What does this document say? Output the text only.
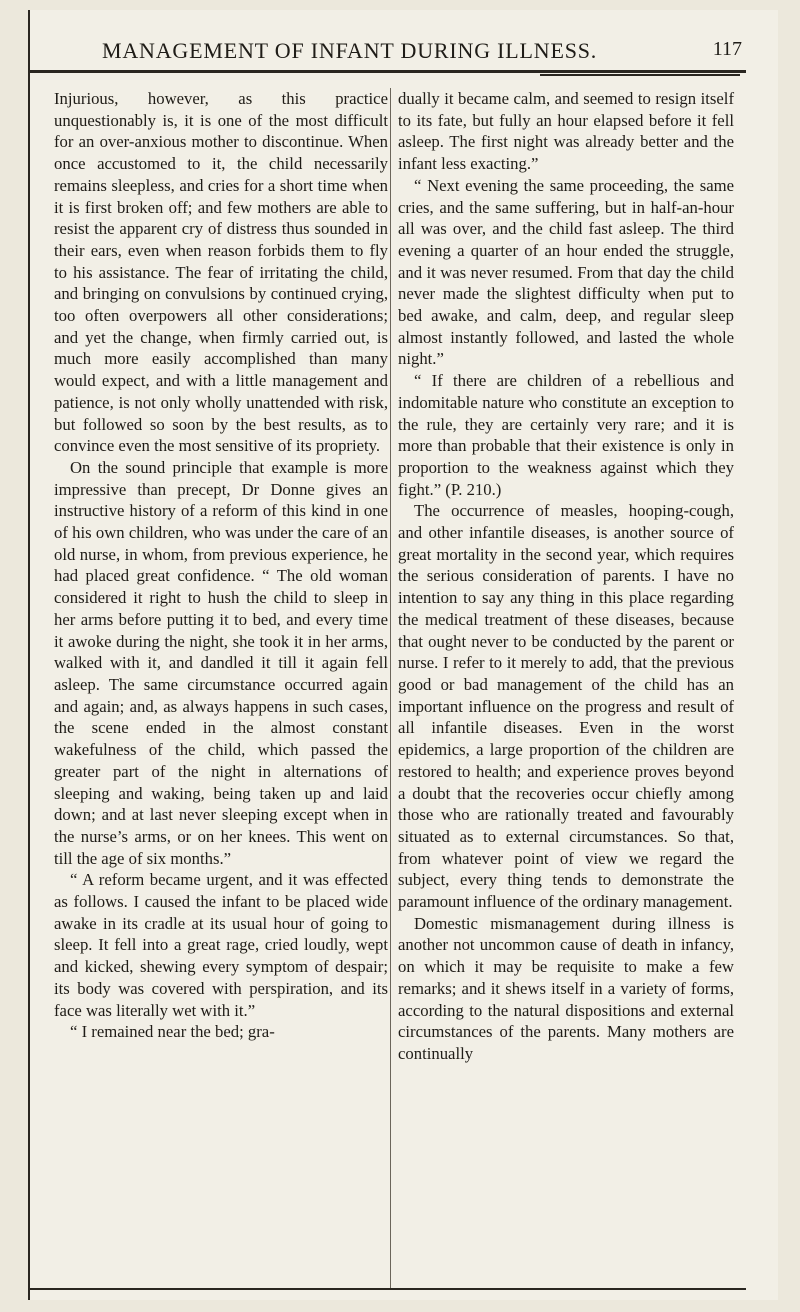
MANAGEMENT OF INFANT DURING ILLNESS.	117

Injurious, however, as this practice unquestionably is, it is one of the most difficult for an over-anxious mother to discontinue. When once accustomed to it, the child necessarily remains sleepless, and cries for a short time when it is first broken off; and few mothers are able to resist the apparent cry of distress thus sounded in their ears, even when reason forbids them to fly to his assistance. The fear of irritating the child, and bringing on convulsions by continued crying, too often overpowers all other considerations; and yet the change, when firmly carried out, is much more easily accomplished than many would expect, and with a little management and patience, is not only wholly unattended with risk, but followed so soon by the best results, as to convince even the most sensitive of its propriety.

On the sound principle that example is more impressive than precept, Dr Donne gives an instructive history of a reform of this kind in one of his own children, who was under the care of an old nurse, in whom, from previous experience, he had placed great confidence. “ The old woman considered it right to hush the child to sleep in her arms before putting it to bed, and every time it awoke during the night, she took it in her arms, walked with it, and dandled it till it again fell asleep. The same circumstance occurred again and again; and, as always happens in such cases, the scene ended in the almost constant wakefulness of the child, which passed the greater part of the night in alternations of sleeping and waking, being taken up and laid down; and at last never sleeping except when in the nurse’s arms, or on her knees. This went on till the age of six months.”

“ A reform became urgent, and it was effected as follows. I caused the infant to be placed wide awake in its cradle at its usual hour of going to sleep. It fell into a great rage, cried loudly, wept and kicked, shewing every symptom of despair; its body was covered with perspiration, and its face was literally wet with it.”

“ I remained near the bed; gra-

dually it became calm, and seemed to resign itself to its fate, but fully an hour elapsed before it fell asleep. The first night was already better and the infant less exacting.”

“ Next evening the same proceeding, the same cries, and the same suffering, but in half-an-hour all was over, and the child fast asleep. The third evening a quarter of an hour ended the struggle, and it was never resumed. From that day the child never made the slightest difficulty when put to bed awake, and calm, deep, and regular sleep almost instantly followed, and lasted the whole night.”

“ If there are children of a rebellious and indomitable nature who constitute an exception to the rule, they are certainly very rare; and it is more than probable that their existence is only in proportion to the weakness against which they fight.” (P. 210.)

The occurrence of measles, hooping-cough, and other infantile diseases, is another source of great mortality in the second year, which requires the serious consideration of parents. I have no intention to say any thing in this place regarding the medical treatment of these diseases, because that ought never to be conducted by the parent or nurse. I refer to it merely to add, that the previous good or bad management of the child has an important influence on the progress and result of all infantile diseases. Even in the worst epidemics, a large proportion of the children are restored to health; and experience proves beyond a doubt that the recoveries occur chiefly among those who are rationally treated and favourably situated as to external circumstances. So that, from whatever point of view we regard the subject, every thing tends to demonstrate the paramount influence of the ordinary management.

Domestic mismanagement during illness is another not uncommon cause of death in infancy, on which it may be requisite to make a few remarks; and it shews itself in a variety of forms, according to the natural dispositions and external circumstances of the parents. Many mothers are continually
